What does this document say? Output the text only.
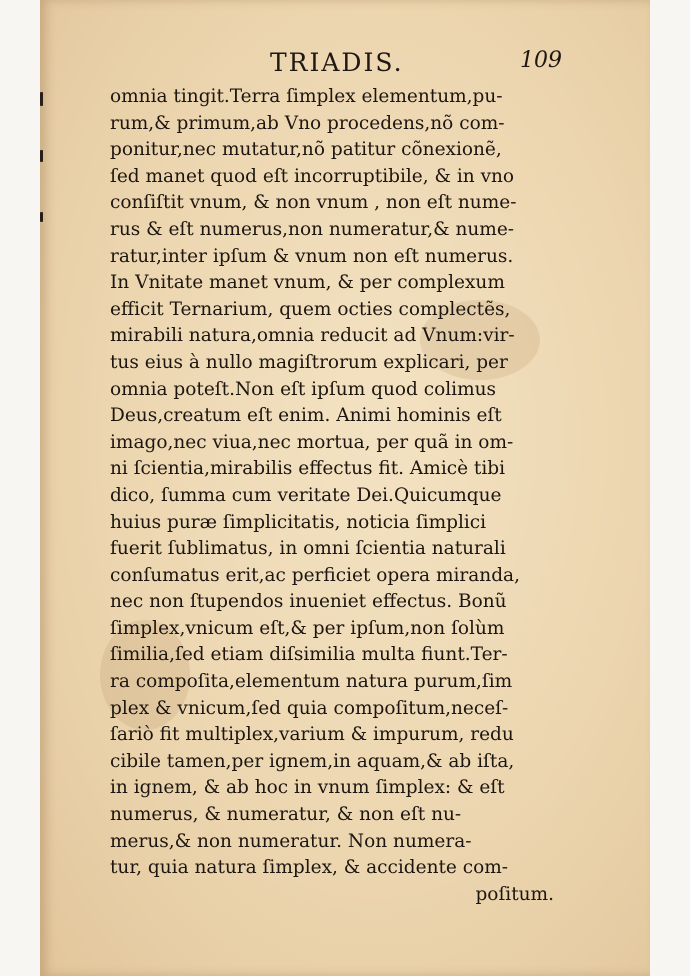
TRIADIS.	109
omnia tingit.Terra ſimplex elementum,pu-
rum,& primum,ab Vno procedens,nõ com-
ponitur,nec mutatur,nõ patitur cõnexionẽ,
ſed manet quod eſt incorruptibile, & in vno
conſiſtit vnum, & non vnum , non eſt nume-
rus & eſt numerus,non numeratur,& nume-
ratur,inter ipſum & vnum non eſt numerus.
In Vnitate manet vnum, & per complexum
efficit Ternarium, quem octies complectẽs,
mirabili natura,omnia reducit ad Vnum:vir-
tus eius à nullo magiſtrorum explicari, per
omnia poteſt.Non eſt ipſum quod colimus
Deus,creatum eſt enim. Animi hominis eſt
imago,nec viua,nec mortua, per quã in om-
ni ſcientia,mirabilis effectus fit. Amicè tibi
dico, ſumma cum veritate Dei.Quicumque
huius puræ ſimplicitatis, noticia ſimplici
fuerit ſublimatus, in omni ſcientia naturali
conſumatus erit,ac perficiet opera miranda,
nec non ſtupendos inueniet effectus. Bonũ
ſimplex,vnicum eſt,& per ipſum,non ſolùm
ſimilia,ſed etiam diſsimilia multa fiunt.Ter-
ra compoſita,elementum natura purum,ſim
plex & vnicum,ſed quia compoſitum,neceſ-
ſariò fit multiplex,varium & impurum, redu
cibile tamen,per ignem,in aquam,& ab iſta,
in ignem, & ab hoc in vnum ſimplex: & eſt
numerus, & numeratur, & non eſt nu-
merus,& non numeratur. Non numera-
tur, quia natura ſimplex, & accidente com-
poſitum.
